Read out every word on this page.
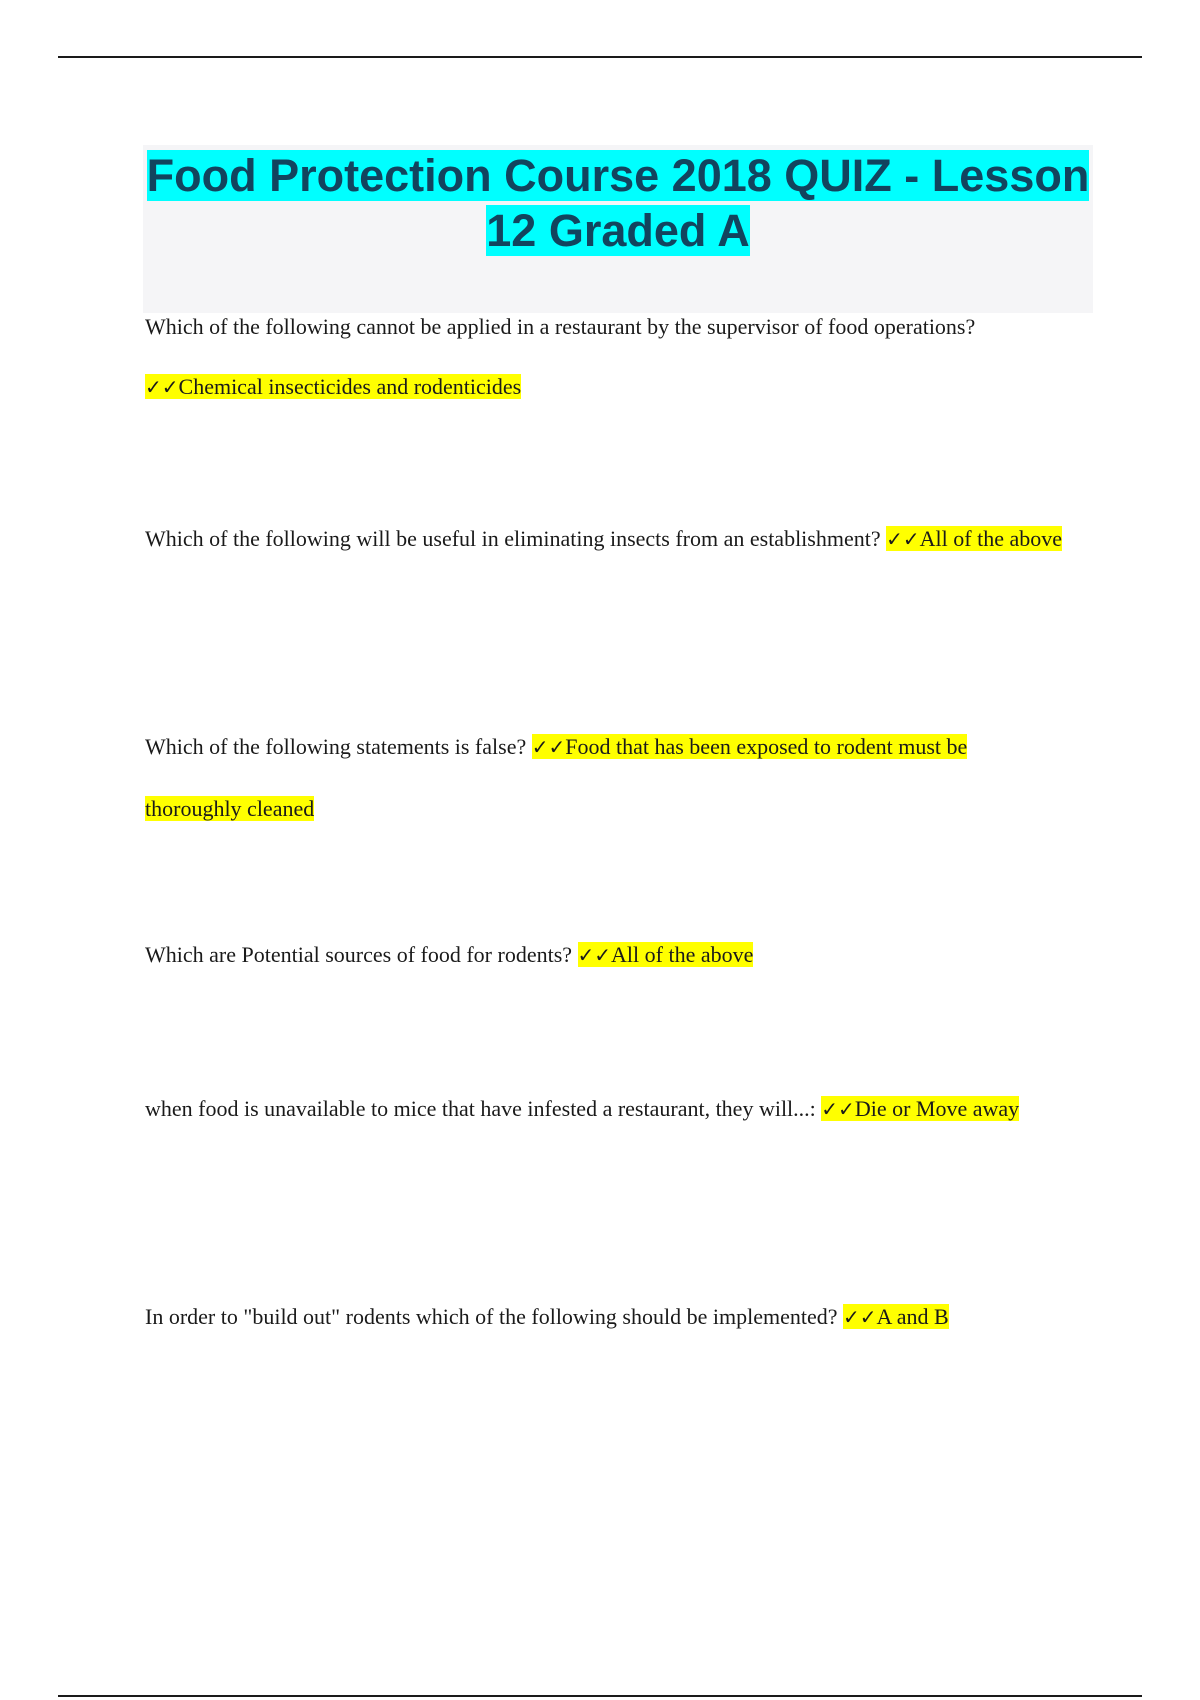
Food Protection Course 2018 QUIZ - Lesson 12 Graded A

Which of the following cannot be applied in a restaurant by the supervisor of food operations?

✓✓Chemical insecticides and rodenticides

Which of the following will be useful in eliminating insects from an establishment? ✓✓All of the above

Which of the following statements is false? ✓✓Food that has been exposed to rodent must be thoroughly cleaned

Which are Potential sources of food for rodents? ✓✓All of the above

when food is unavailable to mice that have infested a restaurant, they will...: ✓✓Die or Move away

In order to "build out" rodents which of the following should be implemented? ✓✓A and B
